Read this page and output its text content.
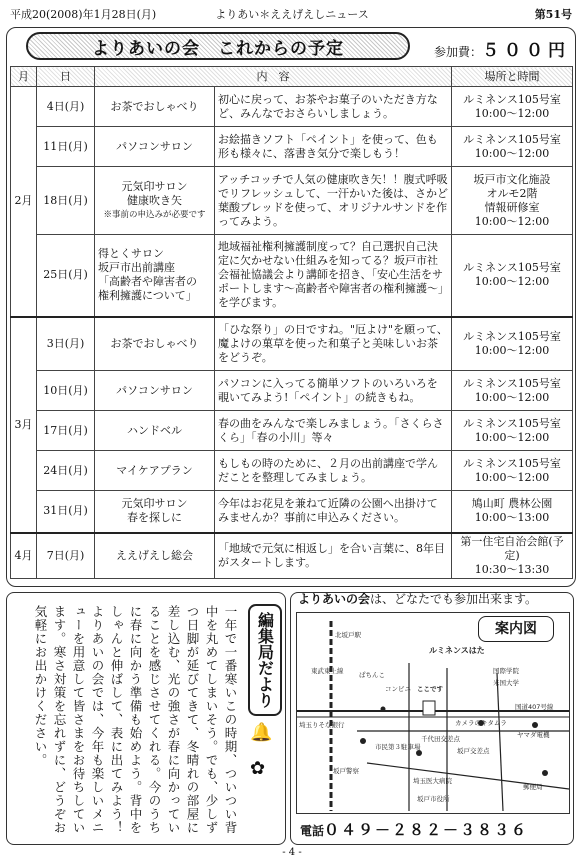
平成20(2008)年1月28日(月)	よりあい＊ええげえしニュース	第51号
よりあいの会　これからの予定	参加費：５００円
月	日	内　容		場所と時間
2月	4日(月)	お茶でおしゃべり	初心に戻って、お茶やお菓子のいただき方など、みんなでおさらいしましょう。	ルミネンス105号室
10:00～12:00
	11日(月)	パソコンサロン	お絵描きソフト「ペイント」を使って、色も形も様々に、落書き気分で楽しもう！	ルミネンス105号室
10:00～12:00
	18日(月)	元気印サロン
健康吹き矢
※事前の申込みが必要です	アッチコッチで人気の健康吹き矢！！腹式呼吸でリフレッシュして、一汗かいた後は、さかど葉酸ブレッドを使って、オリジナルサンドを作ってみよう。	坂戸市文化施設
オルモ2階
情報研修室
10:00～12:00
	25日(月)	得とくサロン
坂戸市出前講座
「高齢者や障害者の
権利擁護について」	地域福祉権利擁護制度って？自己選択自己決定に欠かせない仕組みを知ってる？坂戸市社会福祉協議会より講師を招き、「安心生活をサポートします～高齢者や障害者の権利擁護～」を学びます。	ルミネンス105号室
10:00～12:00
3月	3日(月)	お茶でおしゃべり	「ひな祭り」の日ですね。"厄よけ"を願って、魔よけの菓草を使った和菓子と美味しいお茶をどうぞ。	ルミネンス105号室
10:00～12:00
	10日(月)	パソコンサロン	パソコンに入ってる簡単ソフトのいろいろを覗いてみよう!「ペイント」の続きもね。	ルミネンス105号室
10:00～12:00
	17日(月)	ハンドベル	春の曲をみんなで楽しみましょう。「さくらさくら」「春の小川」等々	ルミネンス105号室
10:00～12:00
	24日(月)	マイケアプラン	もしもの時のために、２月の出前講座で学んだことを整理してみましょう。	ルミネンス105号室
10:00～12:00
	31日(月)	元気印サロン
春を探しに	今年はお花見を兼ねて近隣の公園へ出掛けてみませんか？事前に申込みください。	鳩山町 農林公園
10:00～13:00
4月	7日(月)	ええげえし総会	「地域で元気に相返し」を合い言葉に、8年目がスタートします。	第一住宅自治会館(予定)
10:30～13:30

一年で一番寒いこの時期、ついつい背中を丸めてしまいそう。でも、少しずつ日脚が延びてきて、冬晴れの部屋に差し込む、光の強さが春に向かっていることを感じさせてくれる。今のうちに春に向かう準備も始めよう。背中をしゃんと伸ばして、表に出てみよう！　よりあいの会では、今年も楽しいメニューを用意して皆さまをお待ちしています。寒さ対策を忘れずに、どうぞお気軽にお出かけください。	編集局だより
🔔
✿
よりあいの会は、どなたでも参加出来ます。
北坂戸駅
東武東上線 ぱちんこ
コンビニ
ルミネンスはた
ここです
埼玉りそな銀行	カメラのキタムラ
国道407号線
ヤマダ電機
市民第３駐車場
千代田交差点
坂戸交差点
坂戸警察
郵便局
埼玉医大病院
坂戸市役所
国際学院
米国大学
案内図
電話０４９－２８２－３８３６
- 4 -
